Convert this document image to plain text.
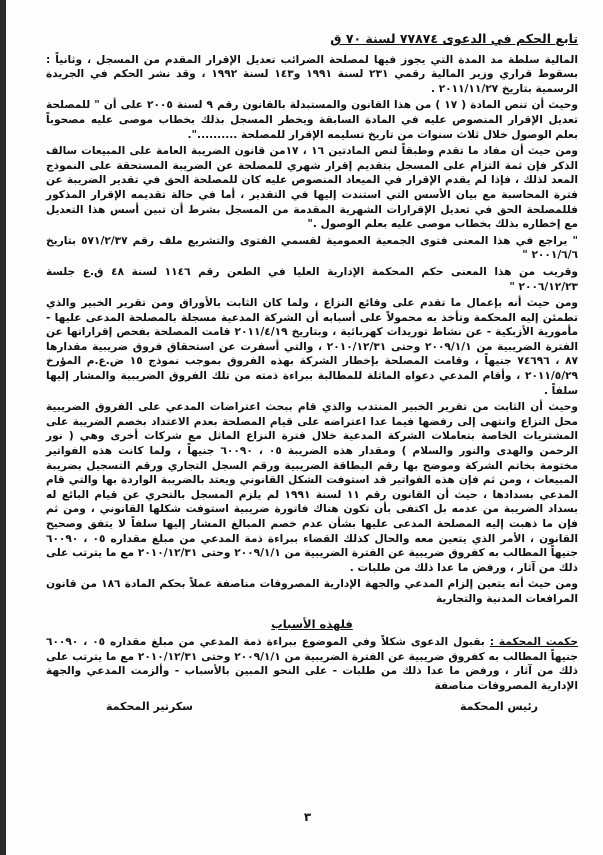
تابع الحكم في الدعوى ٧٧٨٧٤ لسنة ٧٠ ق

المالية سلطة مد المدة التي يجوز فيها لمصلحة الضرائب تعديل الإقرار المقدم من المسجل ، وثانياً : بسقوط قراري وزير المالية رقمي ٢٣١ لسنة ١٩٩١ و١٤٣ لسنة ١٩٩٢ ، وقد نشر الحكم في الجريدة الرسمية بتاريخ ٢٠١١/١١/٢٧ .

وحيث أن تنص المادة ( ١٧ ) من هذا القانون والمستبدلة بالقانون رقم ٩ لسنة ٢٠٠٥ على أن " للمصلحة تعديل الإقرار المنصوص عليه في المادة السابقة ويخطر المسجل بذلك بخطاب موصى عليه مصحوباً بعلم الوصول خلال ثلاث سنوات من تاريخ تسليمه الإقرار للمصلحة ..........".

ومن حيث أن مفاد ما تقدم وطبقاً لنص المادتين ١٦ ، ١٧من قانون الضريبة العامة على المبيعات سالف الذكر فإن ثمة التزام على المسجل بتقديم إقرار شهري للمصلحة عن الضريبة المستحقة على النموذج المعد لذلك ، فإذا لم يقدم الإقرار في الميعاد المنصوص عليه كان للمصلحة الحق في تقدير الضريبة عن فترة المحاسبة مع بيان الأسس التي استندت إليها في التقدير ، أما في حالة تقديمه الإقرار المذكور فللمصلحة الحق في تعديل الإقرارات الشهرية المقدمة من المسجل بشرط أن تبين أسس هذا التعديل مع إخطاره بذلك بخطاب موصى عليه بعلم الوصول ."

" يراجع في هذا المعنى فتوى الجمعية العمومية لقسمي الفتوى والتشريع ملف رقم ٥٧١/٢/٣٧ بتاريخ ٢٠٠١/٦/٦ "

وقريب من هذا المعنى حكم المحكمة الإدارية العليا في الطعن رقم ١١٤٦ لسنة ٤٨ ق.ع جلسة ٢٠٠٦/١٢/٢٣ "

ومن حيث أنه بإعمال ما تقدم على وقائع النزاع ، ولما كان الثابت بالأوراق ومن تقرير الخبير والذي تطمئن إليه المحكمة وتأخذ به محمولاً على أسبابه أن الشركة المدعية مسجلة بالمصلحة المدعى عليها - مأمورية الأزبكية - عن نشاط توريدات كهربائية ، وبتاريخ ٢٠١١/٤/١٩ قامت المصلحة بفحص إقراراتها عن الفترة الضريبية من ٢٠٠٩/١/١ وحتى ٢٠١٠/١٢/٣١ ، والتي أسفرت عن استحقاق فروق ضريبية مقدارها ٨٧ ، ٧٤٦٩٦ جنيهاً ، وقامت المصلحة بإخطار الشركة بهذه الفروق بموجب نموذج ١٥ ض.ع.م المؤرخ ٢٠١١/٥/٢٩ ، وأقام المدعي دعواه الماثلة للمطالبة ببراءة ذمته من تلك الفروق الضريبية والمشار إليها سلفاً .

وحيث أن الثابت من تقرير الخبير المنتدب والذي قام ببحث اعتراضات المدعي على الفروق الضريبية محل النزاع وانتهى إلى رفضها فيما عدا اعتراضه على قيام المصلحة بعدم الاعتداد بخصم الضريبة على المشتريات الخاصة بتعاملات الشركة المدعية خلال فترة النزاع الماثل مع شركات أخرى وهي ( نور الرحمن والهدى والنور والسلام ) ومقدار هذه الضريبة ٠٥ ، ٦٠٠٩٠ جنيهاً ، ولما كانت هذه الفواتير مختومة بخاتم الشركة وموضح بها رقم البطاقة الضريبية ورقم السجل التجاري ورقم التسجيل بضريبة المبيعات ، ومن ثم فإن هذه الفواتير قد استوفت الشكل القانوني ويعتد بالضريبة الواردة بها والتي قام المدعي بسدادها ، حيث أن القانون رقم ١١ لسنة ١٩٩١ لم يلزم المسجل بالتحري عن قيام البائع له بسداد الضريبة من عدمه بل اكتفى بأن تكون هناك فاتورة ضريبية استوفت شكلها القانوني ، ومن ثم فإن ما ذهبت إليه المصلحة المدعى عليها بشأن عدم خصم المبالغ المشار إليها سلفاً لا يتفق وصحيح القانون ، الأمر الذي يتعين معه والحال كذلك القضاء ببراءة ذمة المدعي من مبلغ مقداره ٠٥ ، ٦٠٠٩٠ جنيهاً المطالب به كفروق ضريبية عن الفترة الضريبية من ٢٠٠٩/١/١ وحتى ٢٠١٠/١٢/٣١ مع ما يترتب على ذلك من آثار ، ورفض ما عدا ذلك من طلبات .

ومن حيث أنه يتعين إلزام المدعي والجهة الإدارية المصروفات مناصفة عملاً بحكم المادة ١٨٦ من قانون المرافعات المدنية والتجارية

فلهذه الأسباب

حكمت المحكمة : بقبول الدعوى شكلاً وفي الموضوع ببراءة ذمة المدعي من مبلغ مقداره ٠٥ ، ٦٠٠٩٠ جنيهاً المطالب به كفروق ضريبية عن الفترة الضريبية من ٢٠٠٩/١/١ وحتى ٢٠١٠/١٢/٣١ مع ما يترتب على ذلك من آثار ، ورفض ما عدا ذلك من طلبات - على النحو المبين بالأسباب - وألزمت المدعي والجهة الإدارية المصروفات مناصفة

رئيس المحكمة
سكرتير المحكمة
٣
